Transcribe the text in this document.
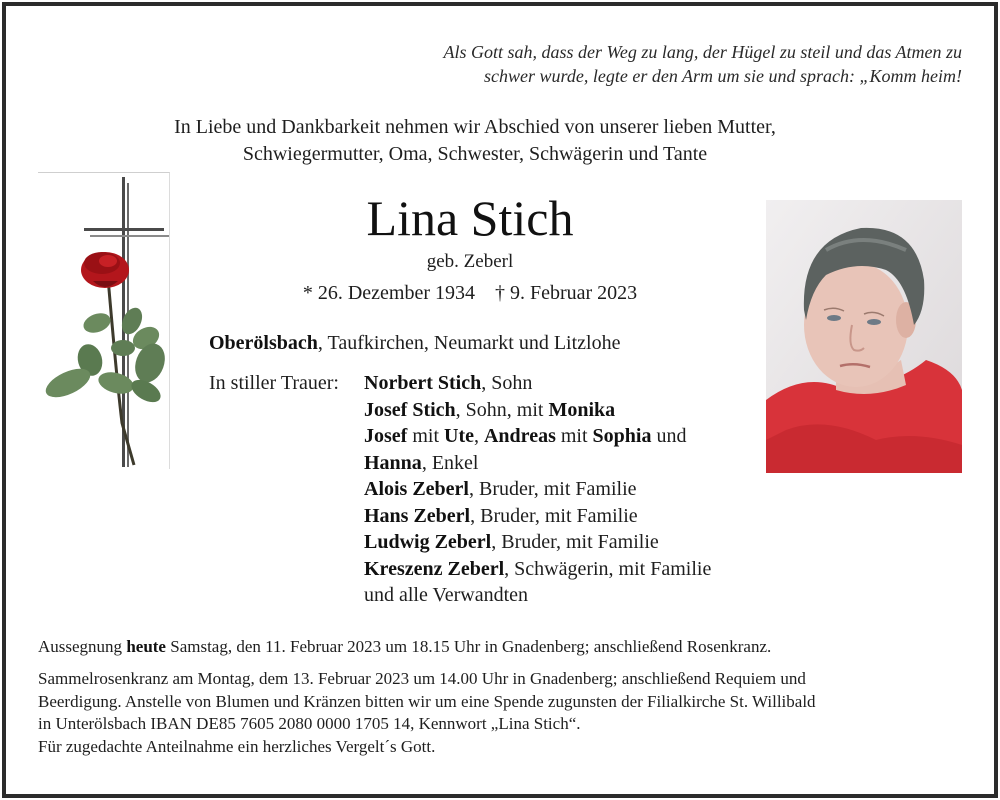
Als Gott sah, dass der Weg zu lang, der Hügel zu steil und das Atmen zu
schwer wurde, legte er den Arm um sie und sprach: „Komm heim!
In Liebe und Dankbarkeit nehmen wir Abschied von unserer lieben Mutter,
Schwiegermutter, Oma, Schwester, Schwägerin und Tante
Lina Stich
geb. Zeberl
* 26. Dezember 1934 † 9. Februar 2023
Oberölsbach, Taufkirchen, Neumarkt und Litzlohe
In stiller Trauer: Norbert Stich, Sohn
Josef Stich, Sohn, mit Monika
Josef mit Ute, Andreas mit Sophia und
Hanna, Enkel
Alois Zeberl, Bruder, mit Familie
Hans Zeberl, Bruder, mit Familie
Ludwig Zeberl, Bruder, mit Familie
Kreszenz Zeberl, Schwägerin, mit Familie
und alle Verwandten
Aussegnung heute Samstag, den 11. Februar 2023 um 18.15 Uhr in Gnadenberg; anschließend Rosenkranz.
Sammelrosenkranz am Montag, dem 13. Februar 2023 um 14.00 Uhr in Gnadenberg; anschließend Requiem und
Beerdigung. Anstelle von Blumen und Kränzen bitten wir um eine Spende zugunsten der Filialkirche St. Willibald
in Unterölsbach IBAN DE85 7605 2080 0000 1705 14, Kennwort „Lina Stich“.
Für zugedachte Anteilnahme ein herzliches Vergelt´s Gott.
